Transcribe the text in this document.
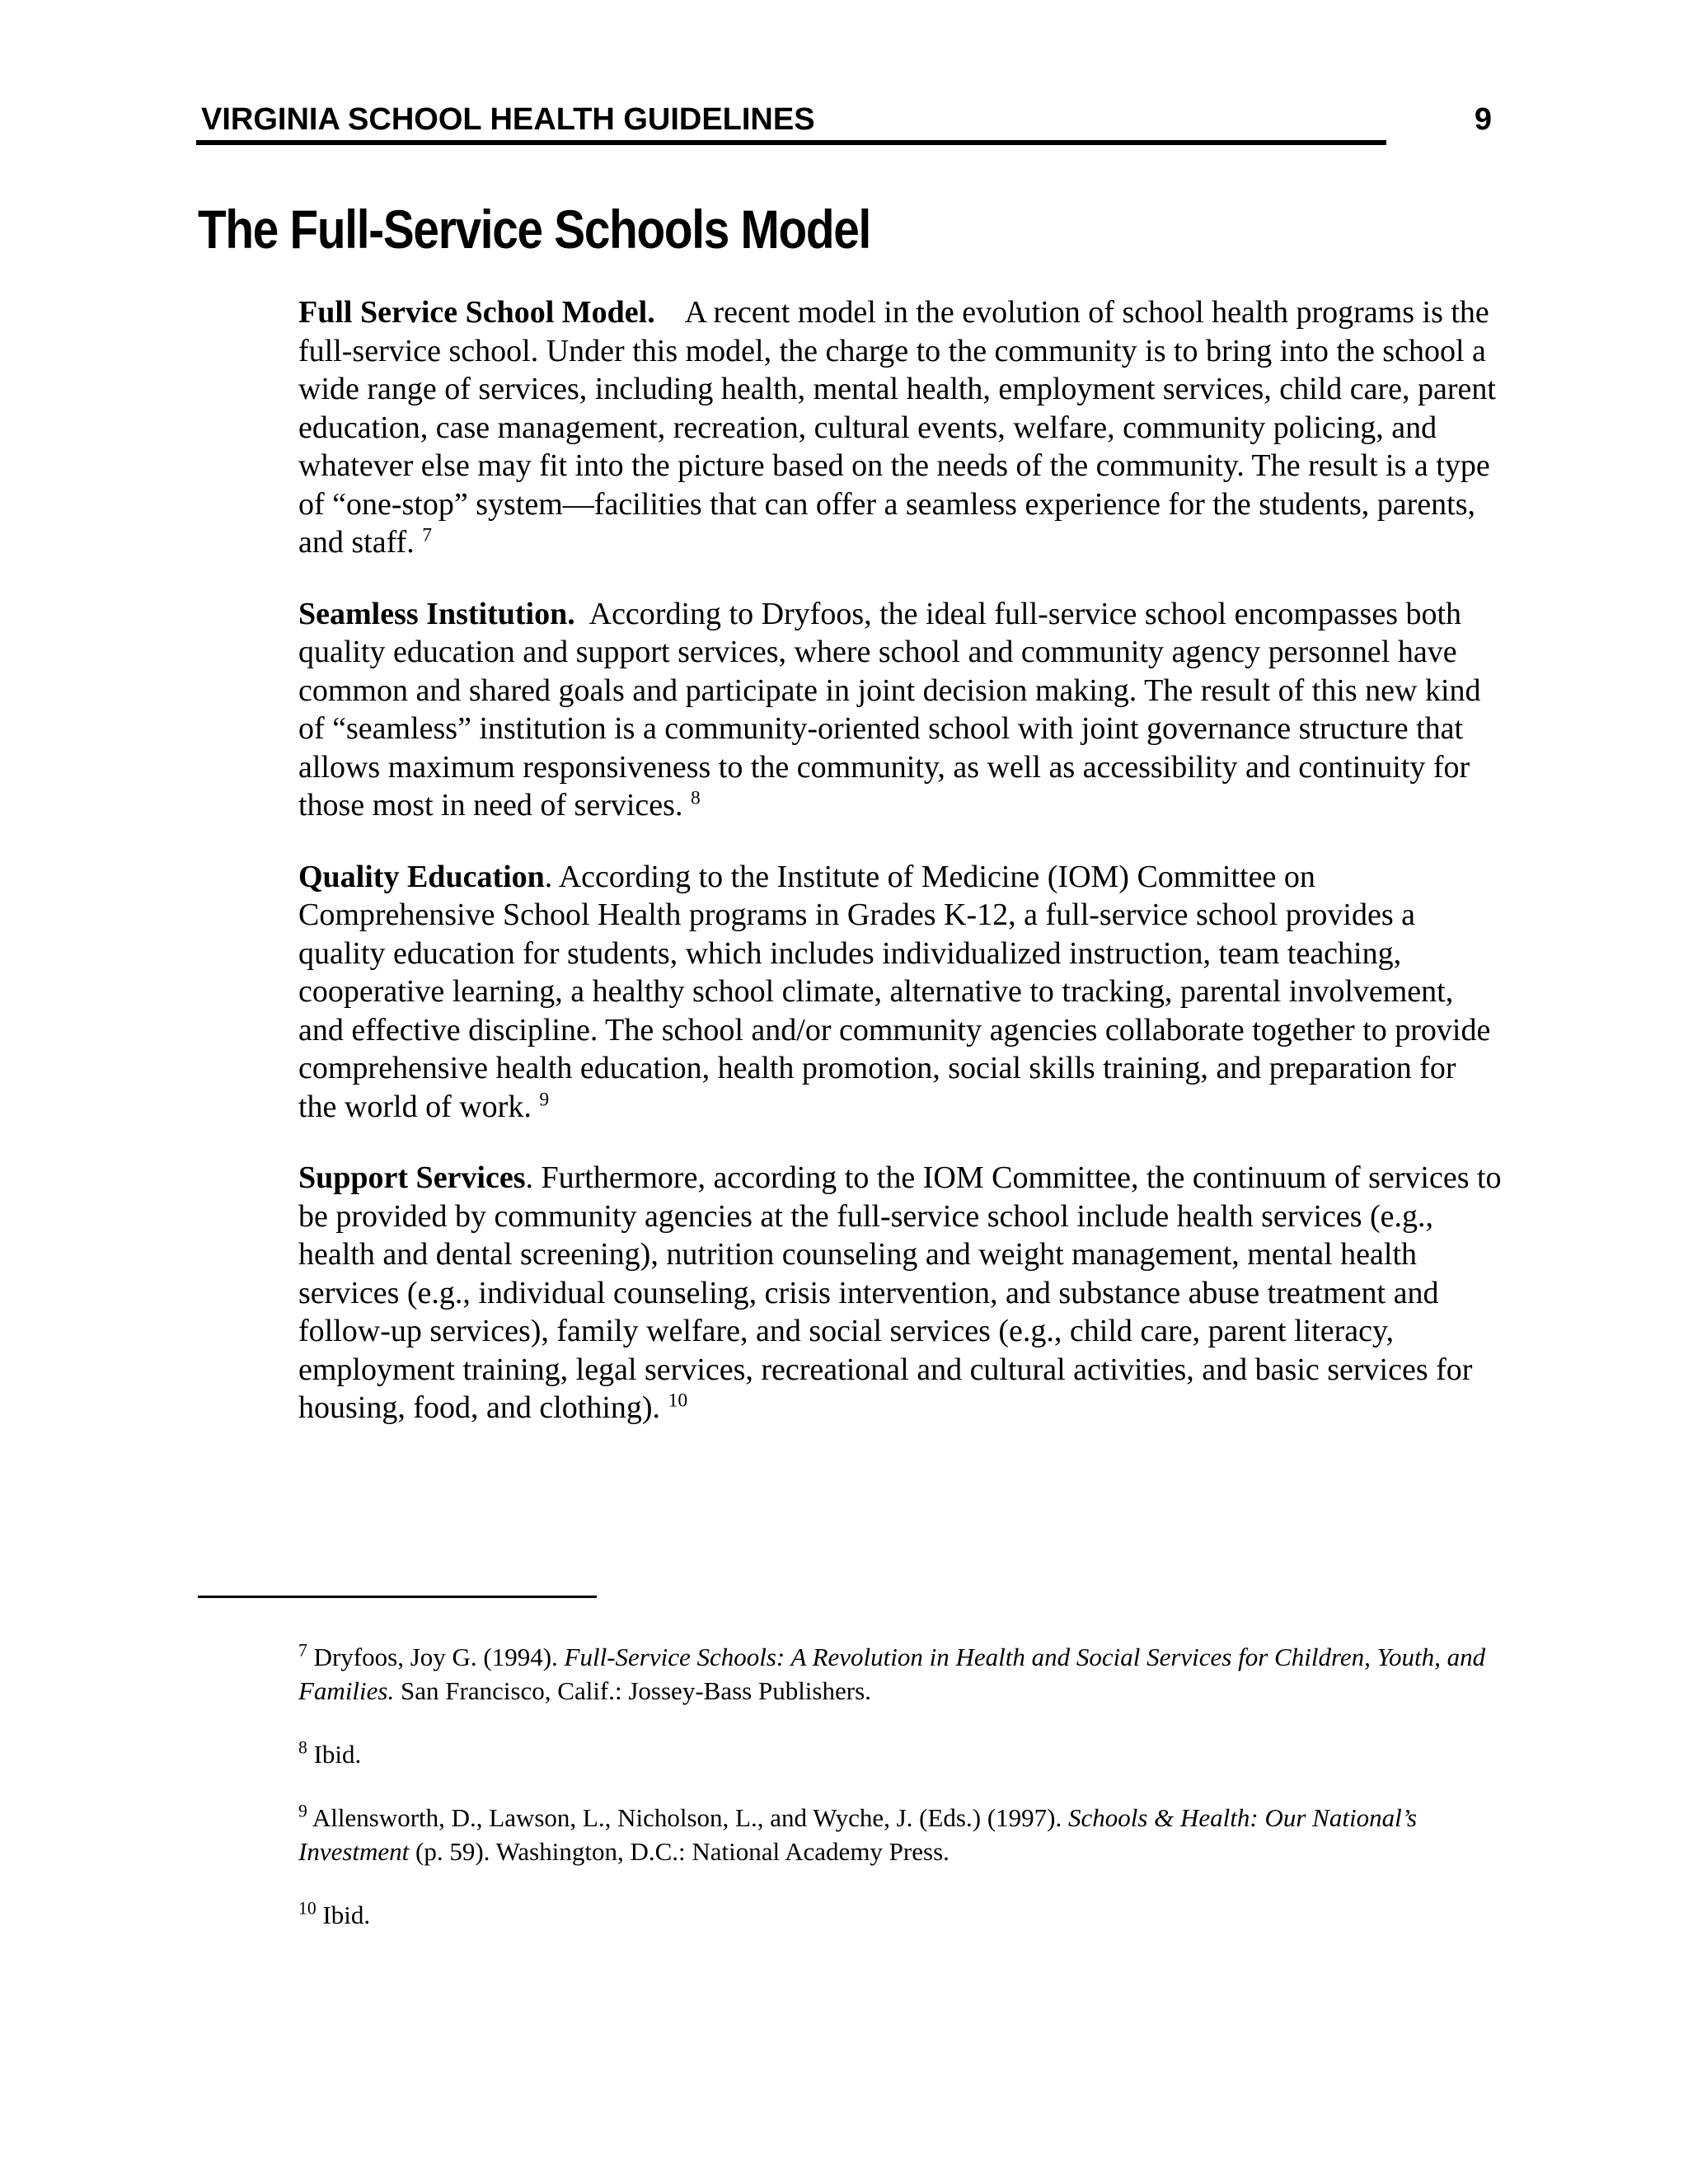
VIRGINIA SCHOOL HEALTH GUIDELINES	9
The Full-Service Schools Model

Full Service School Model. A recent model in the evolution of school health programs is the full-service school. Under this model, the charge to the community is to bring into the school a wide range of services, including health, mental health, employment services, child care, parent education, case management, recreation, cultural events, welfare, community policing, and whatever else may fit into the picture based on the needs of the community. The result is a type of “one-stop” system—facilities that can offer a seamless experience for the students, parents, and staff. $^7$

Seamless Institution. According to Dryfoos, the ideal full-service school encompasses both quality education and support services, where school and community agency personnel have common and shared goals and participate in joint decision making. The result of this new kind of “seamless” institution is a community-oriented school with joint governance structure that allows maximum responsiveness to the community, as well as accessibility and continuity for those most in need of services. $^8$

Quality Education. According to the Institute of Medicine (IOM) Committee on Comprehensive School Health programs in Grades K-12, a full-service school provides a quality education for students, which includes individualized instruction, team teaching, cooperative learning, a healthy school climate, alternative to tracking, parental involvement, and effective discipline. The school and/or community agencies collaborate together to provide comprehensive health education, health promotion, social skills training, and preparation for the world of work. $^9$

Support Services. Furthermore, according to the IOM Committee, the continuum of services to be provided by community agencies at the full-service school include health services (e.g., health and dental screening), nutrition counseling and weight management, mental health services (e.g., individual counseling, crisis intervention, and substance abuse treatment and follow-up services), family welfare, and social services (e.g., child care, parent literacy, employment training, legal services, recreational and cultural activities, and basic services for housing, food, and clothing). $^{10}$

$^7$ Dryfoos, Joy G. (1994). Full-Service Schools: A Revolution in Health and Social Services for Children, Youth, and Families. San Francisco, Calif.: Jossey-Bass Publishers.

$^8$ Ibid.

$^9$ Allensworth, D., Lawson, L., Nicholson, L., and Wyche, J. (Eds.) (1997). Schools & Health: Our National’s Investment (p. 59). Washington, D.C.: National Academy Press.

$^{10}$ Ibid.
